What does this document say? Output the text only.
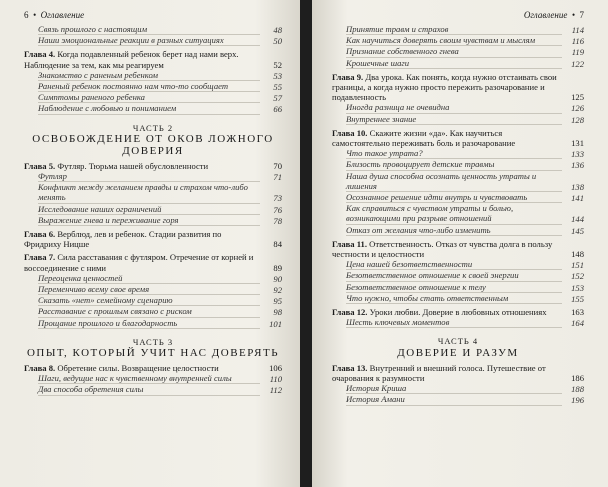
6  •  Оглавление
Связь прошлого с настоящим	48
Наши эмоциональные реакции в разных ситуациях	50
Глава 4. Когда подавленный ребенок берет над нами верх. Наблюдение за тем, как мы реагируем	52
Знакомство с раненым ребенком	53
Раненый ребенок постоянно нам что-то сообщает	55
Симптомы раненого ребенка	57
Наблюдение с любовью и пониманием	66
ЧАСТЬ 2
ОСВОБОЖДЕНИЕ ОТ ОКОВ ЛОЖНОГО ДОВЕРИЯ
Глава 5. Футляр. Тюрьма нашей обусловленности	70
Футляр	71
Конфликт между желанием правды и страхом что-либо менять	73
Исследование наших ограничений	76
Выражение гнева и переживание горя	78
Глава 6. Верблюд, лев и ребенок. Стадии развития по Фридриху Ницше	84
Глава 7. Сила расставания с футляром. Отречение от корней и воссоединение с ними	89
Переоценка ценностей	90
Переменчиво всему свое время	92
Сказать «нет» семейному сценарию	95
Расставание с прошлым связано с риском	98
Прощание прошлого и благодарность	101
ЧАСТЬ 3
ОПЫТ, КОТОРЫЙ УЧИТ НАС ДОВЕРЯТЬ
Глава 8. Обретение силы. Возвращение целостности	106
Шаги, ведущие нас к чувственному внутренней силы	110
Два способа обретения силы	112
Оглавление  •  7
Принятие травм и страхов	114
Как научиться доверять своим чувствам и мыслям	116
Признание собственного гнева	119
Крошечные шаги	122
Глава 9. Два урока. Как понять, когда нужно отстаивать свои границы, а когда нужно просто пережить разочарование и подавленность	125
Иногда разница не очевидна	126
Внутреннее знание	128
Глава 10. Скажите жизни «да». Как научиться самостоятельно переживать боль и разочарование	131
Что такое утрата?	133
Близость провоцирует детские травмы	136
Наша душа способна осознать ценность утраты и лишения	138
Осознанное решение идти внутрь и чувствовать	141
Как справиться с чувством утраты и болью, возникающими при разрыве отношений	144
Отказ от желания что-либо изменить	145
Глава 11. Ответственность. Отказ от чувства долга в пользу честности и целостности	148
Цена нашей безответственности	151
Безответственное отношение к своей энергии	152
Безответственное отношение к телу	153
Что нужно, чтобы стать ответственным	155
Глава 12. Уроки любви. Доверие в любовных отношениях	163
Шесть ключевых моментов	164
ЧАСТЬ 4
ДОВЕРИЕ И РАЗУМ
Глава 13. Внутренний и внешний голоса. Путешествие от очарования к разумности	186
История Криша	188
История Амани	196
